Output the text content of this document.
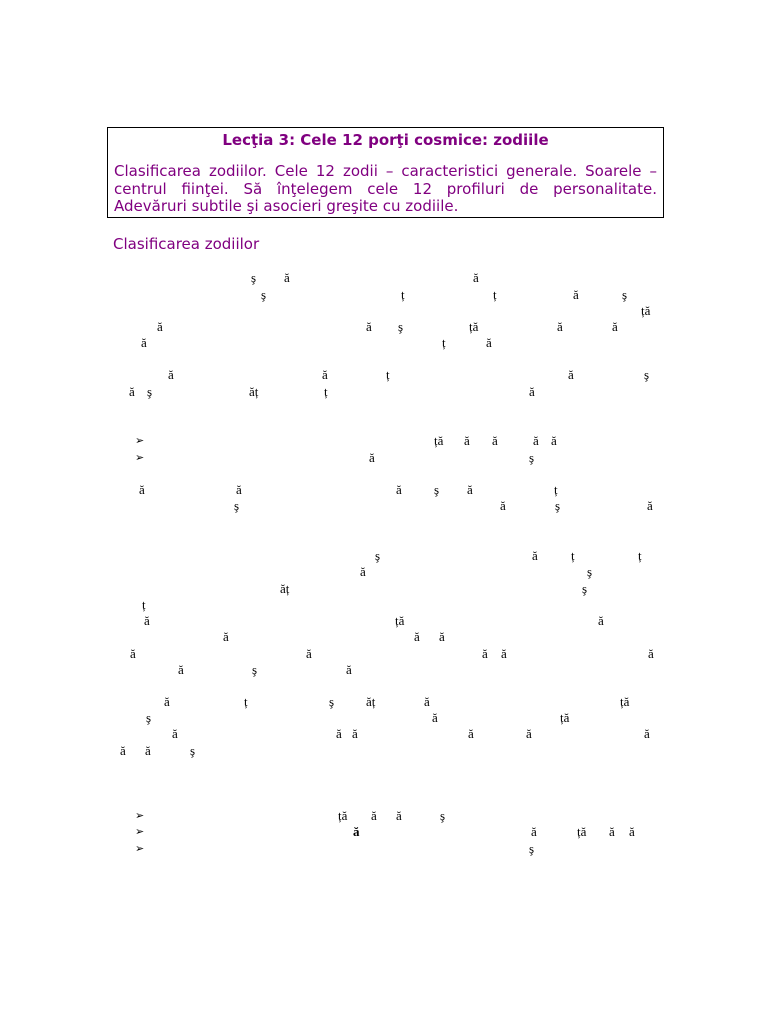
Lecţia 3: Cele 12 porţi cosmice: zodiile
Clasificarea zodiilor. Cele 12 zodii – caracteristici generale. Soarele –
centrul fiinţei. Să înţelegem cele 12 profiluri de personalitate.
Adevăruri subtile şi asocieri greşite cu zodiile.
Clasificarea zodiilor
ş ă	ă
ş	ț	ț	ă	ş
ță
ă	ă ş	ță	ă	ă
ă	ț	ă
ă	ă	ț	ă	ş
ă ş	ăț	ț	ă
➢	ță ă ă	ă ă
➢	ă	ş
ă	ă	ă ş ă	ț
ş	ă	ş	ă
ş	ă	ț	ț
ă	ş
ăț	ş
ț
ă	ță	ă
ă	ă ă
ă	ă	ă ă	ă
ă	ş	ă
ă	ț	ş ăț	ă	ță
ş	ă	ță
ă	ă ă	ă	ă	ă
ă ă	ş
➢	ță ă ă	ş
➢	ă	ă	ță ă ă
➢	ş
